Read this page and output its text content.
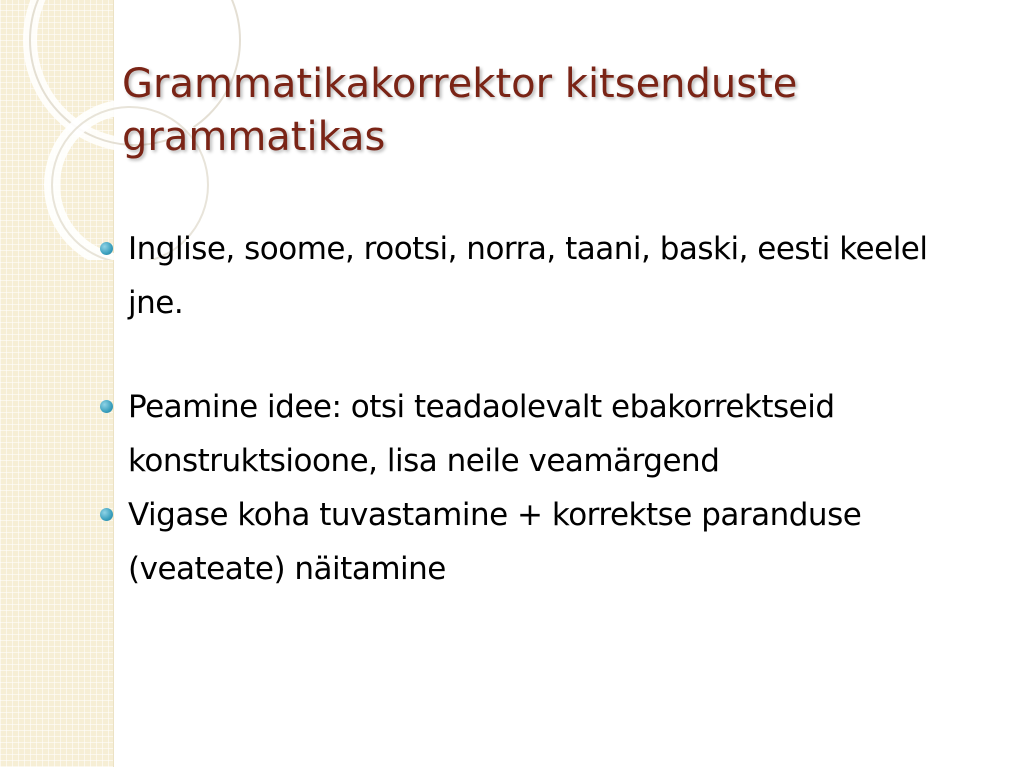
Grammatikakorrektor kitsenduste grammatikas
Inglise, soome, rootsi, norra, taani, baski, eesti keelel jne.
Peamine idee: otsi teadaolevalt ebakorrektseid konstruktsioone, lisa neile veamärgend
Vigase koha tuvastamine + korrektse paranduse (veateate) näitamine
